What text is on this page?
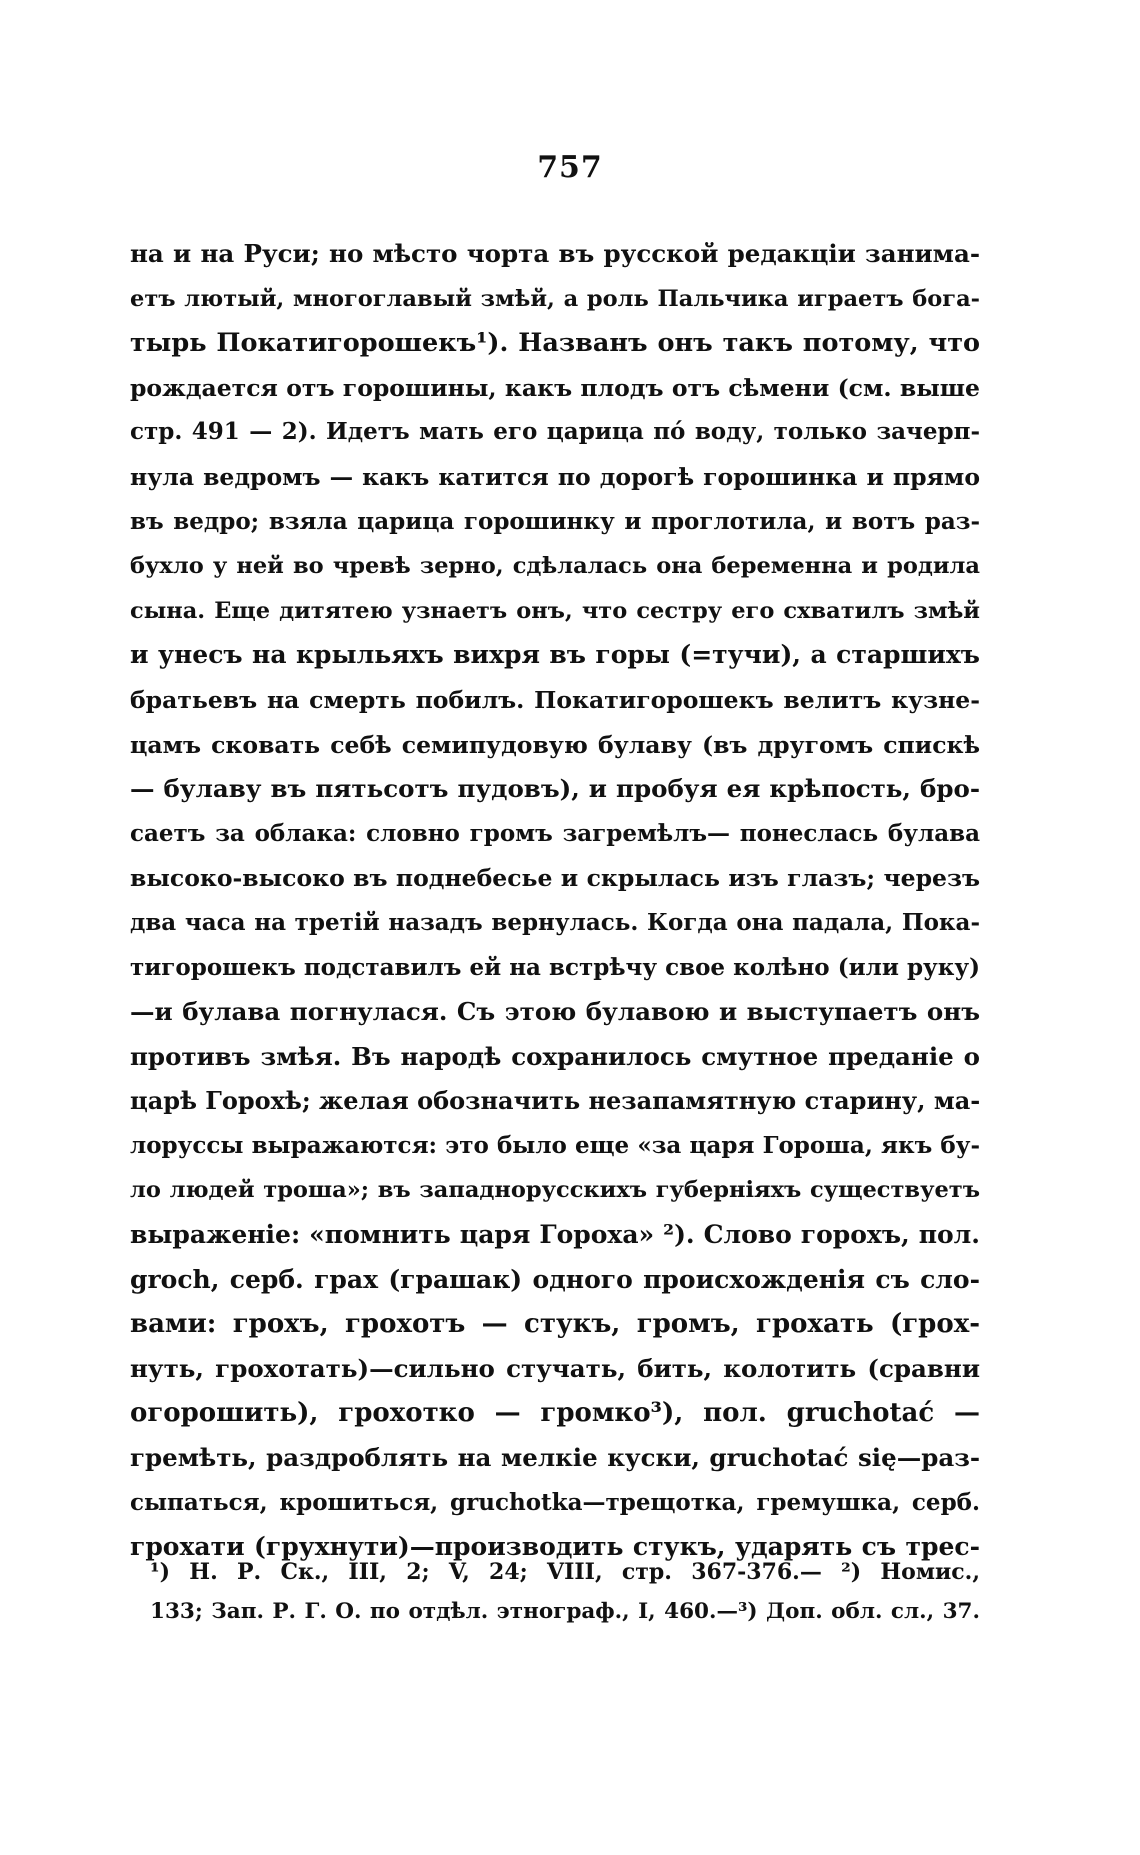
757
на и на Руси; но мѣсто чорта въ русской редакціи занима-
етъ лютый, многоглавый змѣй, а роль Пальчика играетъ бога-
тырь Покатигорошекъ¹). Названъ онъ такъ потому, что
рождается отъ горошины, какъ плодъ отъ сѣмени (см. выше
стр. 491 — 2). Идетъ мать его царица пó воду, только зачерп-
нула ведромъ — какъ катится по дорогѣ горошинка и прямо
въ ведро; взяла царица горошинку и проглотила, и вотъ раз-
бухло у ней во чревѣ зерно, сдѣлалась она беременна и родила
сына. Еще дитятею узнаетъ онъ, что сестру его схватилъ змѣй
и унесъ на крыльяхъ вихря въ горы (=тучи), а старшихъ
братьевъ на смерть побилъ. Покатигорошекъ велитъ кузне-
цамъ сковать себѣ семипудовую булаву (въ другомъ спискѣ
— булаву въ пятьсотъ пудовъ), и пробуя ея крѣпость, бро-
саетъ за облака: словно громъ загремѣлъ— понеслась булава
высоко-высоко въ поднебесье и скрылась изъ глазъ; черезъ
два часа на третій назадъ вернулась. Когда она падала, Пока-
тигорошекъ подставилъ ей на встрѣчу свое колѣно (или руку)
—и булава погнулася. Съ этою булавою и выступаетъ онъ
противъ змѣя. Въ народѣ сохранилось смутное преданіе о
царѣ Горохѣ; желая обозначить незапамятную старину, ма-
лоруссы выражаются: это было еще «за царя Гороша, якъ бу-
ло людей троша»; въ западнорусскихъ губерніяхъ существуетъ
выраженіе: «помнить царя Гороха» ²). Слово горохъ, пол.
groch, серб. грах (грашак) одного происхожденія съ сло-
вами: грохъ, грохотъ — стукъ, громъ, грохать (грох-
нуть, грохотать)—сильно стучать, бить, колотить (сравни
огорошить), грохотко — громко³), пол. gruchotać —
гремѣть, раздроблять на мелкіе куски, gruchotać się—раз-
сыпаться, крошиться, gruchotka—трещотка, гремушка, серб.
грохати (грухнути)—производить стукъ, ударять съ трес-
¹) Н. Р. Ск., III, 2; V, 24; VIII, стр. 367-376.— ²) Номис.,
133; Зап. Р. Г. О. по отдѣл. этнограф., I, 460.—³) Доп. обл. сл., 37.
